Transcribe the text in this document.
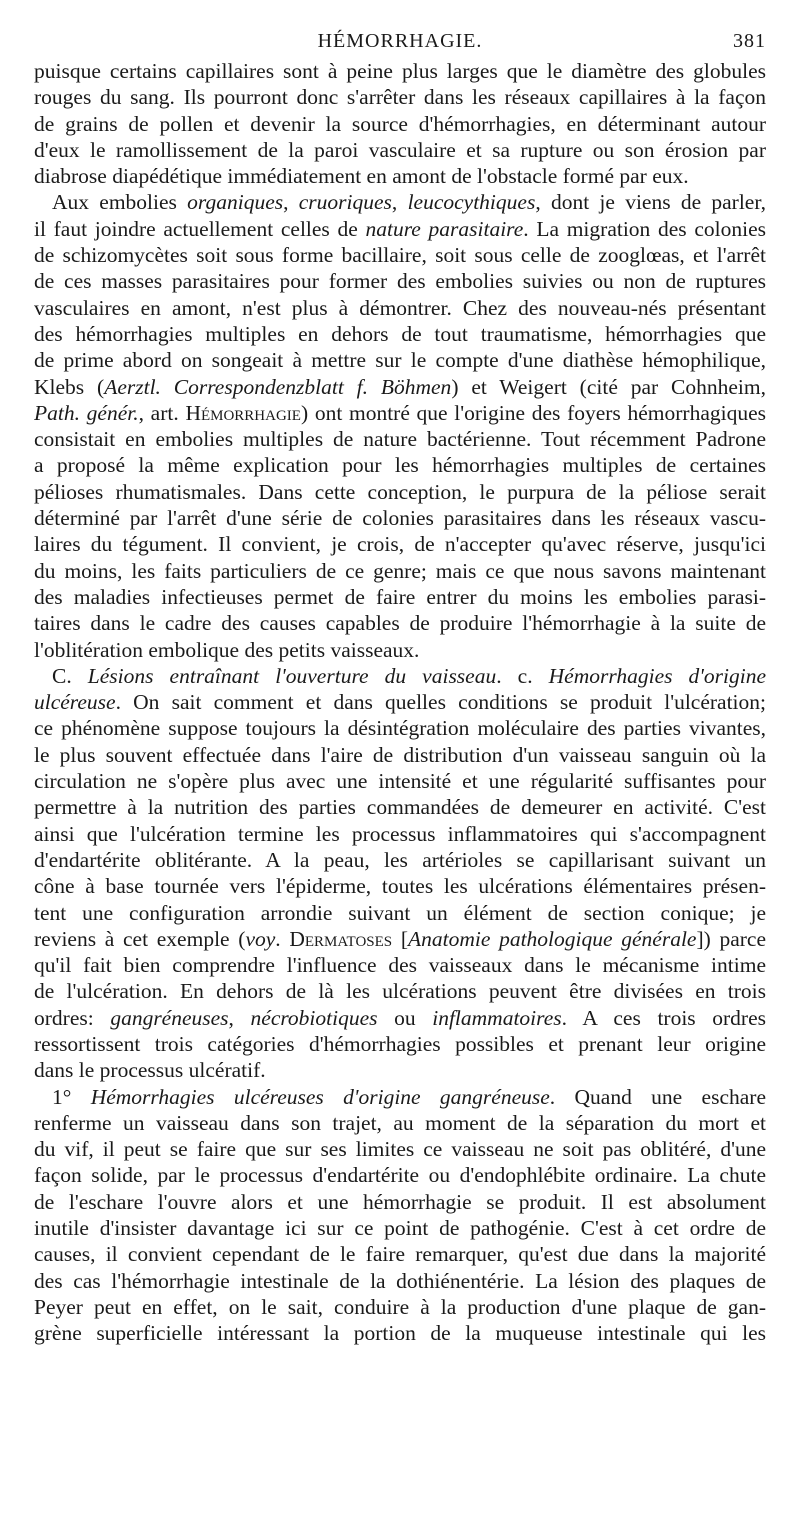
HÉMORRHAGIE.	381
puisque certains capillaires sont à peine plus larges que le diamètre des globules
rouges du sang. Ils pourront donc s'arrêter dans les réseaux capillaires à la façon
de grains de pollen et devenir la source d'hémorrhagies, en déterminant autour
d'eux le ramollissement de la paroi vasculaire et sa rupture ou son érosion par
diabrose diapédétique immédiatement en amont de l'obstacle formé par eux.
Aux embolies organiques, cruoriques, leucocythiques, dont je viens de parler,
il faut joindre actuellement celles de nature parasitaire. La migration des colonies
de schizomycètes soit sous forme bacillaire, soit sous celle de zooglœas, et l'arrêt
de ces masses parasitaires pour former des embolies suivies ou non de ruptures
vasculaires en amont, n'est plus à démontrer. Chez des nouveau-nés présentant
des hémorrhagies multiples en dehors de tout traumatisme, hémorrhagies que
de prime abord on songeait à mettre sur le compte d'une diathèse hémophilique,
Klebs (Aerztl. Correspondenzblatt f. Böhmen) et Weigert (cité par Cohnheim,
Path. génér., art. Hémorrhagie) ont montré que l'origine des foyers hémorrhagiques
consistait en embolies multiples de nature bactérienne. Tout récemment Padrone
a proposé la même explication pour les hémorrhagies multiples de certaines
pélioses rhumatismales. Dans cette conception, le purpura de la péliose serait
déterminé par l'arrêt d'une série de colonies parasitaires dans les réseaux vascu-
laires du tégument. Il convient, je crois, de n'accepter qu'avec réserve, jusqu'ici
du moins, les faits particuliers de ce genre; mais ce que nous savons maintenant
des maladies infectieuses permet de faire entrer du moins les embolies parasi-
taires dans le cadre des causes capables de produire l'hémorrhagie à la suite de
l'oblitération embolique des petits vaisseaux.
C. Lésions entraînant l'ouverture du vaisseau. c. Hémorrhagies d'origine
ulcéreuse. On sait comment et dans quelles conditions se produit l'ulcération;
ce phénomène suppose toujours la désintégration moléculaire des parties vivantes,
le plus souvent effectuée dans l'aire de distribution d'un vaisseau sanguin où la
circulation ne s'opère plus avec une intensité et une régularité suffisantes pour
permettre à la nutrition des parties commandées de demeurer en activité. C'est
ainsi que l'ulcération termine les processus inflammatoires qui s'accompagnent
d'endartérite oblitérante. A la peau, les artérioles se capillarisant suivant un
cône à base tournée vers l'épiderme, toutes les ulcérations élémentaires présen-
tent une configuration arrondie suivant un élément de section conique; je
reviens à cet exemple (voy. Dermatoses [Anatomie pathologique générale]) parce
qu'il fait bien comprendre l'influence des vaisseaux dans le mécanisme intime
de l'ulcération. En dehors de là les ulcérations peuvent être divisées en trois
ordres: gangréneuses, nécrobiotiques ou inflammatoires. A ces trois ordres
ressortissent trois catégories d'hémorrhagies possibles et prenant leur origine
dans le processus ulcératif.
1° Hémorrhagies ulcéreuses d'origine gangréneuse. Quand une eschare
renferme un vaisseau dans son trajet, au moment de la séparation du mort et
du vif, il peut se faire que sur ses limites ce vaisseau ne soit pas oblitéré, d'une
façon solide, par le processus d'endartérite ou d'endophlébite ordinaire. La chute
de l'eschare l'ouvre alors et une hémorrhagie se produit. Il est absolument
inutile d'insister davantage ici sur ce point de pathogénie. C'est à cet ordre de
causes, il convient cependant de le faire remarquer, qu'est due dans la majorité
des cas l'hémorrhagie intestinale de la dothiénentérie. La lésion des plaques de
Peyer peut en effet, on le sait, conduire à la production d'une plaque de gan-
grène superficielle intéressant la portion de la muqueuse intestinale qui les
